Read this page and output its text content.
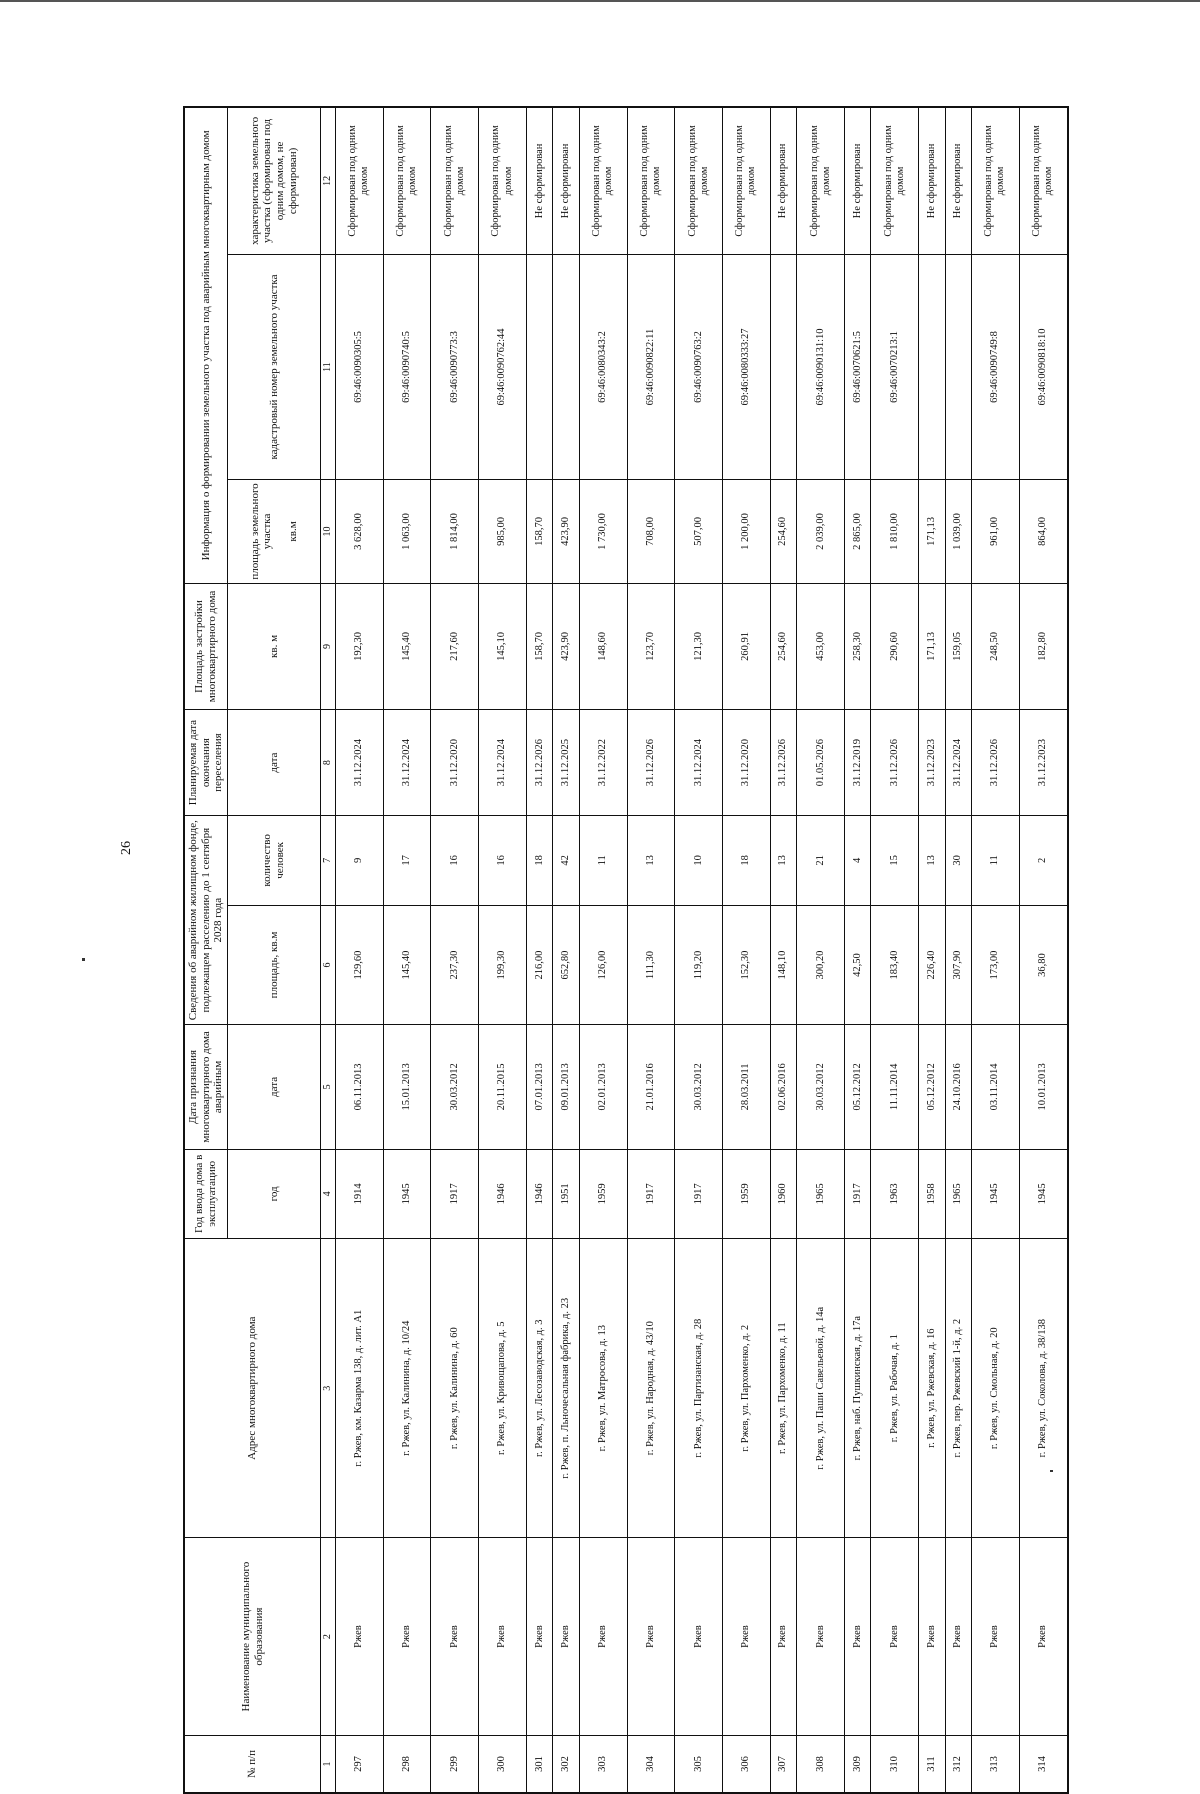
26
№ п/п	Наименование муниципального образования	Адрес многоквартирного дома	Год ввода дома в эксплуатацию	Дата признания многоквартирного дома аварийным	Сведения об аварийном жилищном фонде, подлежащем расселению до 1 сентября 2028 года		Планируемая дата окончания переселения	Площадь застройки многоквартирного дома	Информация о формировании земельного участка под аварийным многоквартирным домом		
			год	дата	площадь, кв.м	количество человек	дата	кв. м	площадь земельного участка кв.м	кадастровый номер земельного участка	характеристика земельного участка (сформирован под одним домом, не сформирован)
1	2	3	4	5	6	7	8	9	10	11	12
297	Ржев	г. Ржев, км. Казарма 138, д. лит. А1	1914	06.11.2013	129,60	9	31.12.2024	192,30	3 628,00	69:46:0090305:5	Сформирован под одним домом
298	Ржев	г. Ржев, ул. Калинина, д. 10/24	1945	15.01.2013	145,40	17	31.12.2024	145,40	1 063,00	69:46:0090740:5	Сформирован под одним домом
299	Ржев	г. Ржев, ул. Калинина, д. 60	1917	30.03.2012	237,30	16	31.12.2020	217,60	1 814,00	69:46:0090773:3	Сформирован под одним домом
300	Ржев	г. Ржев, ул. Кривощапова, д. 5	1946	20.11.2015	199,30	16	31.12.2024	145,10	985,00	69:46:0090762:44	Сформирован под одним домом
301	Ржев	г. Ржев, ул. Лесозаводская, д. 3	1946	07.01.2013	216,00	18	31.12.2026	158,70	158,70		Не сформирован
302	Ржев	г. Ржев, п. Льночесальная фабрика, д. 23	1951	09.01.2013	652,80	42	31.12.2025	423,90	423,90		Не сформирован
303	Ржев	г. Ржев, ул. Матросова, д. 13	1959	02.01.2013	126,00	11	31.12.2022	148,60	1 730,00	69:46:0080343:2	Сформирован под одним домом
304	Ржев	г. Ржев, ул. Народная, д. 43/10	1917	21.01.2016	111,30	13	31.12.2026	123,70	708,00	69:46:0090822:11	Сформирован под одним домом
305	Ржев	г. Ржев, ул. Партизанская, д. 28	1917	30.03.2012	119,20	10	31.12.2024	121,30	507,00	69:46:0090763:2	Сформирован под одним домом
306	Ржев	г. Ржев, ул. Пархоменко, д. 2	1959	28.03.2011	152,30	18	31.12.2020	260,91	1 200,00	69:46:0080333:27	Сформирован под одним домом
307	Ржев	г. Ржев, ул. Пархоменко, д. 11	1960	02.06.2016	148,10	13	31.12.2026	254,60	254,60		Не сформирован
308	Ржев	г. Ржев, ул. Паши Савельевой, д. 14а	1965	30.03.2012	300,20	21	01.05.2026	453,00	2 039,00	69:46:0090131:10	Сформирован под одним домом
309	Ржев	г. Ржев, наб. Пушкинская, д. 17а	1917	05.12.2012	42,50	4	31.12.2019	258,30	2 865,00	69:46:0070621:5	Не сформирован
310	Ржев	г. Ржев, ул. Рабочая, д. 1	1963	11.11.2014	183,40	15	31.12.2026	290,60	1 810,00	69:46:0070213:1	Сформирован под одним домом
311	Ржев	г. Ржев, ул. Ржевская, д. 16	1958	05.12.2012	226,40	13	31.12.2023	171,13	171,13		Не сформирован
312	Ржев	г. Ржев, пер. Ржевский 1-й, д. 2	1965	24.10.2016	307,90	30	31.12.2024	159,05	1 039,00		Не сформирован
313	Ржев	г. Ржев, ул. Смольная, д. 20	1945	03.11.2014	173,00	11	31.12.2026	248,50	961,00	69:46:0090749:8	Сформирован под одним домом
314	Ржев	г. Ржев, ул. Соколова, д. 38/138	1945	10.01.2013	36,80	2	31.12.2023	182,80	864,00	69:46:0090818:10	Сформирован под одним домом
